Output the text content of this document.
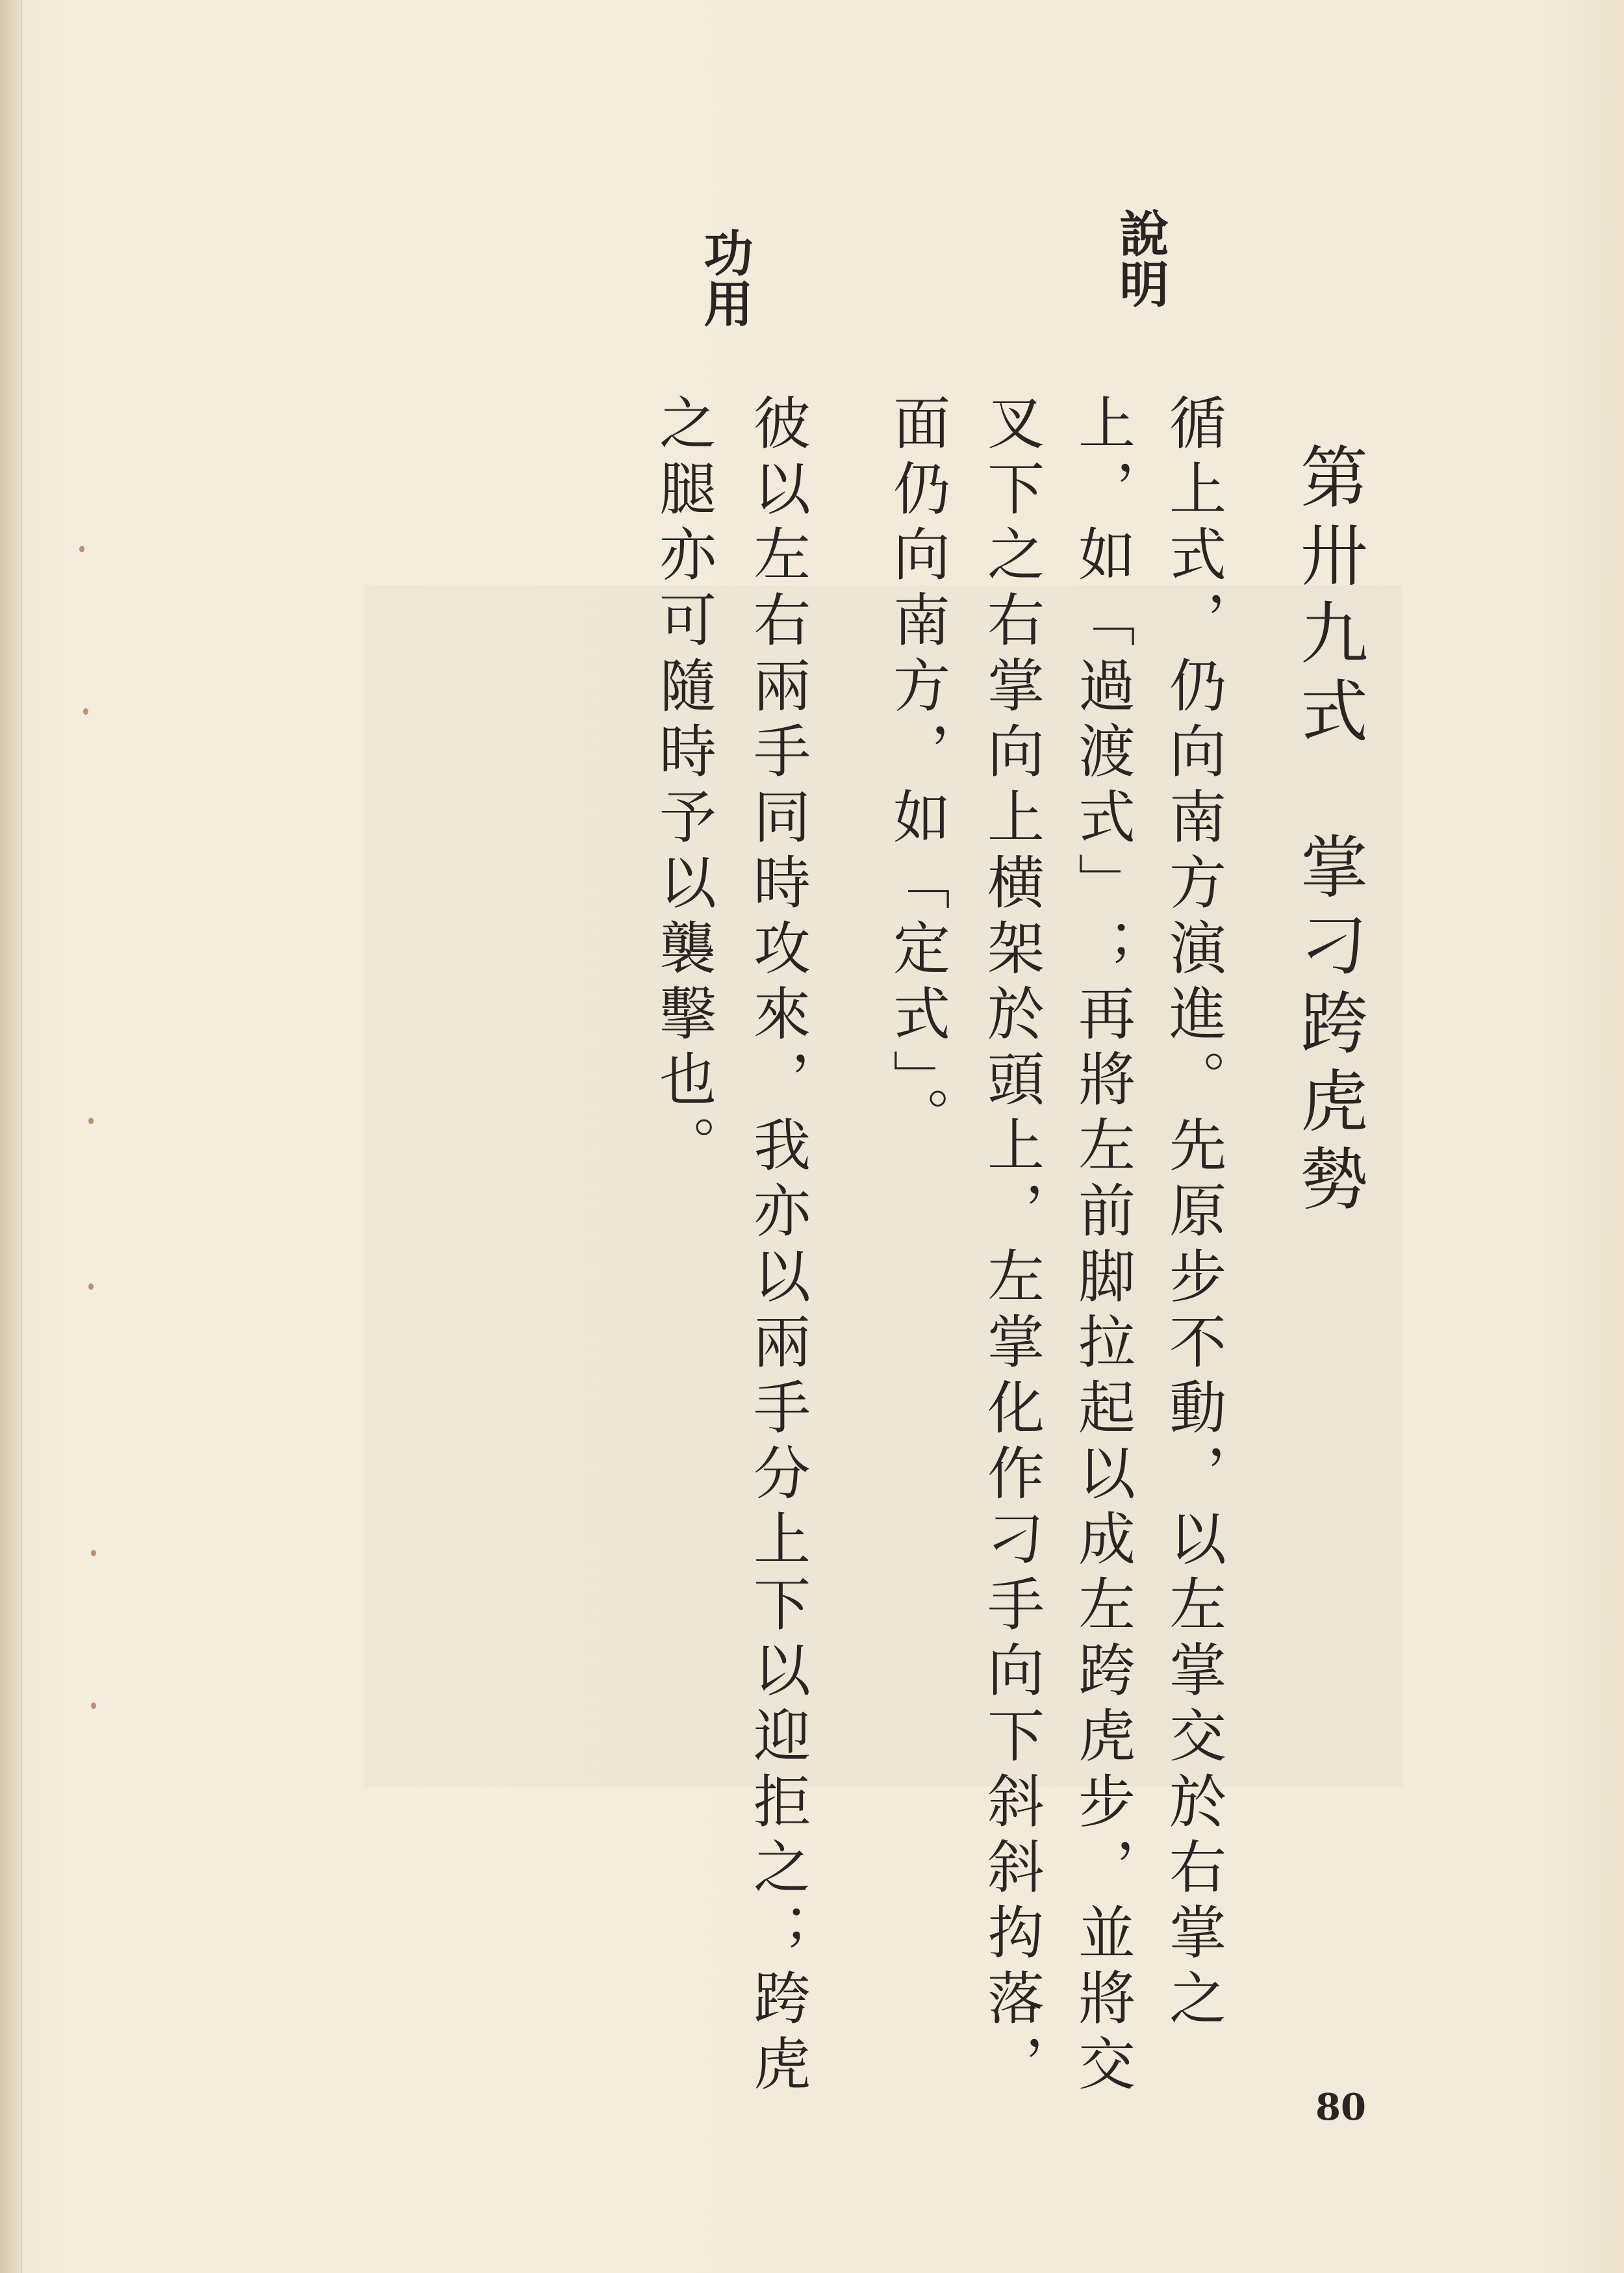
第卅九式　掌刁跨虎勢
說明
循上式，仍向南方演進。先原步不動，以左掌交於右掌之
上，如「過渡式」；再將左前脚拉起以成左跨虎步，並將交
叉下之右掌向上横架於頭上，左掌化作刁手向下斜斜抅落，
面仍向南方，如「定式」。
功用
彼以左右兩手同時攻來，我亦以兩手分上下以迎拒之；跨虎
之腿亦可隨時予以襲擊也。
80
